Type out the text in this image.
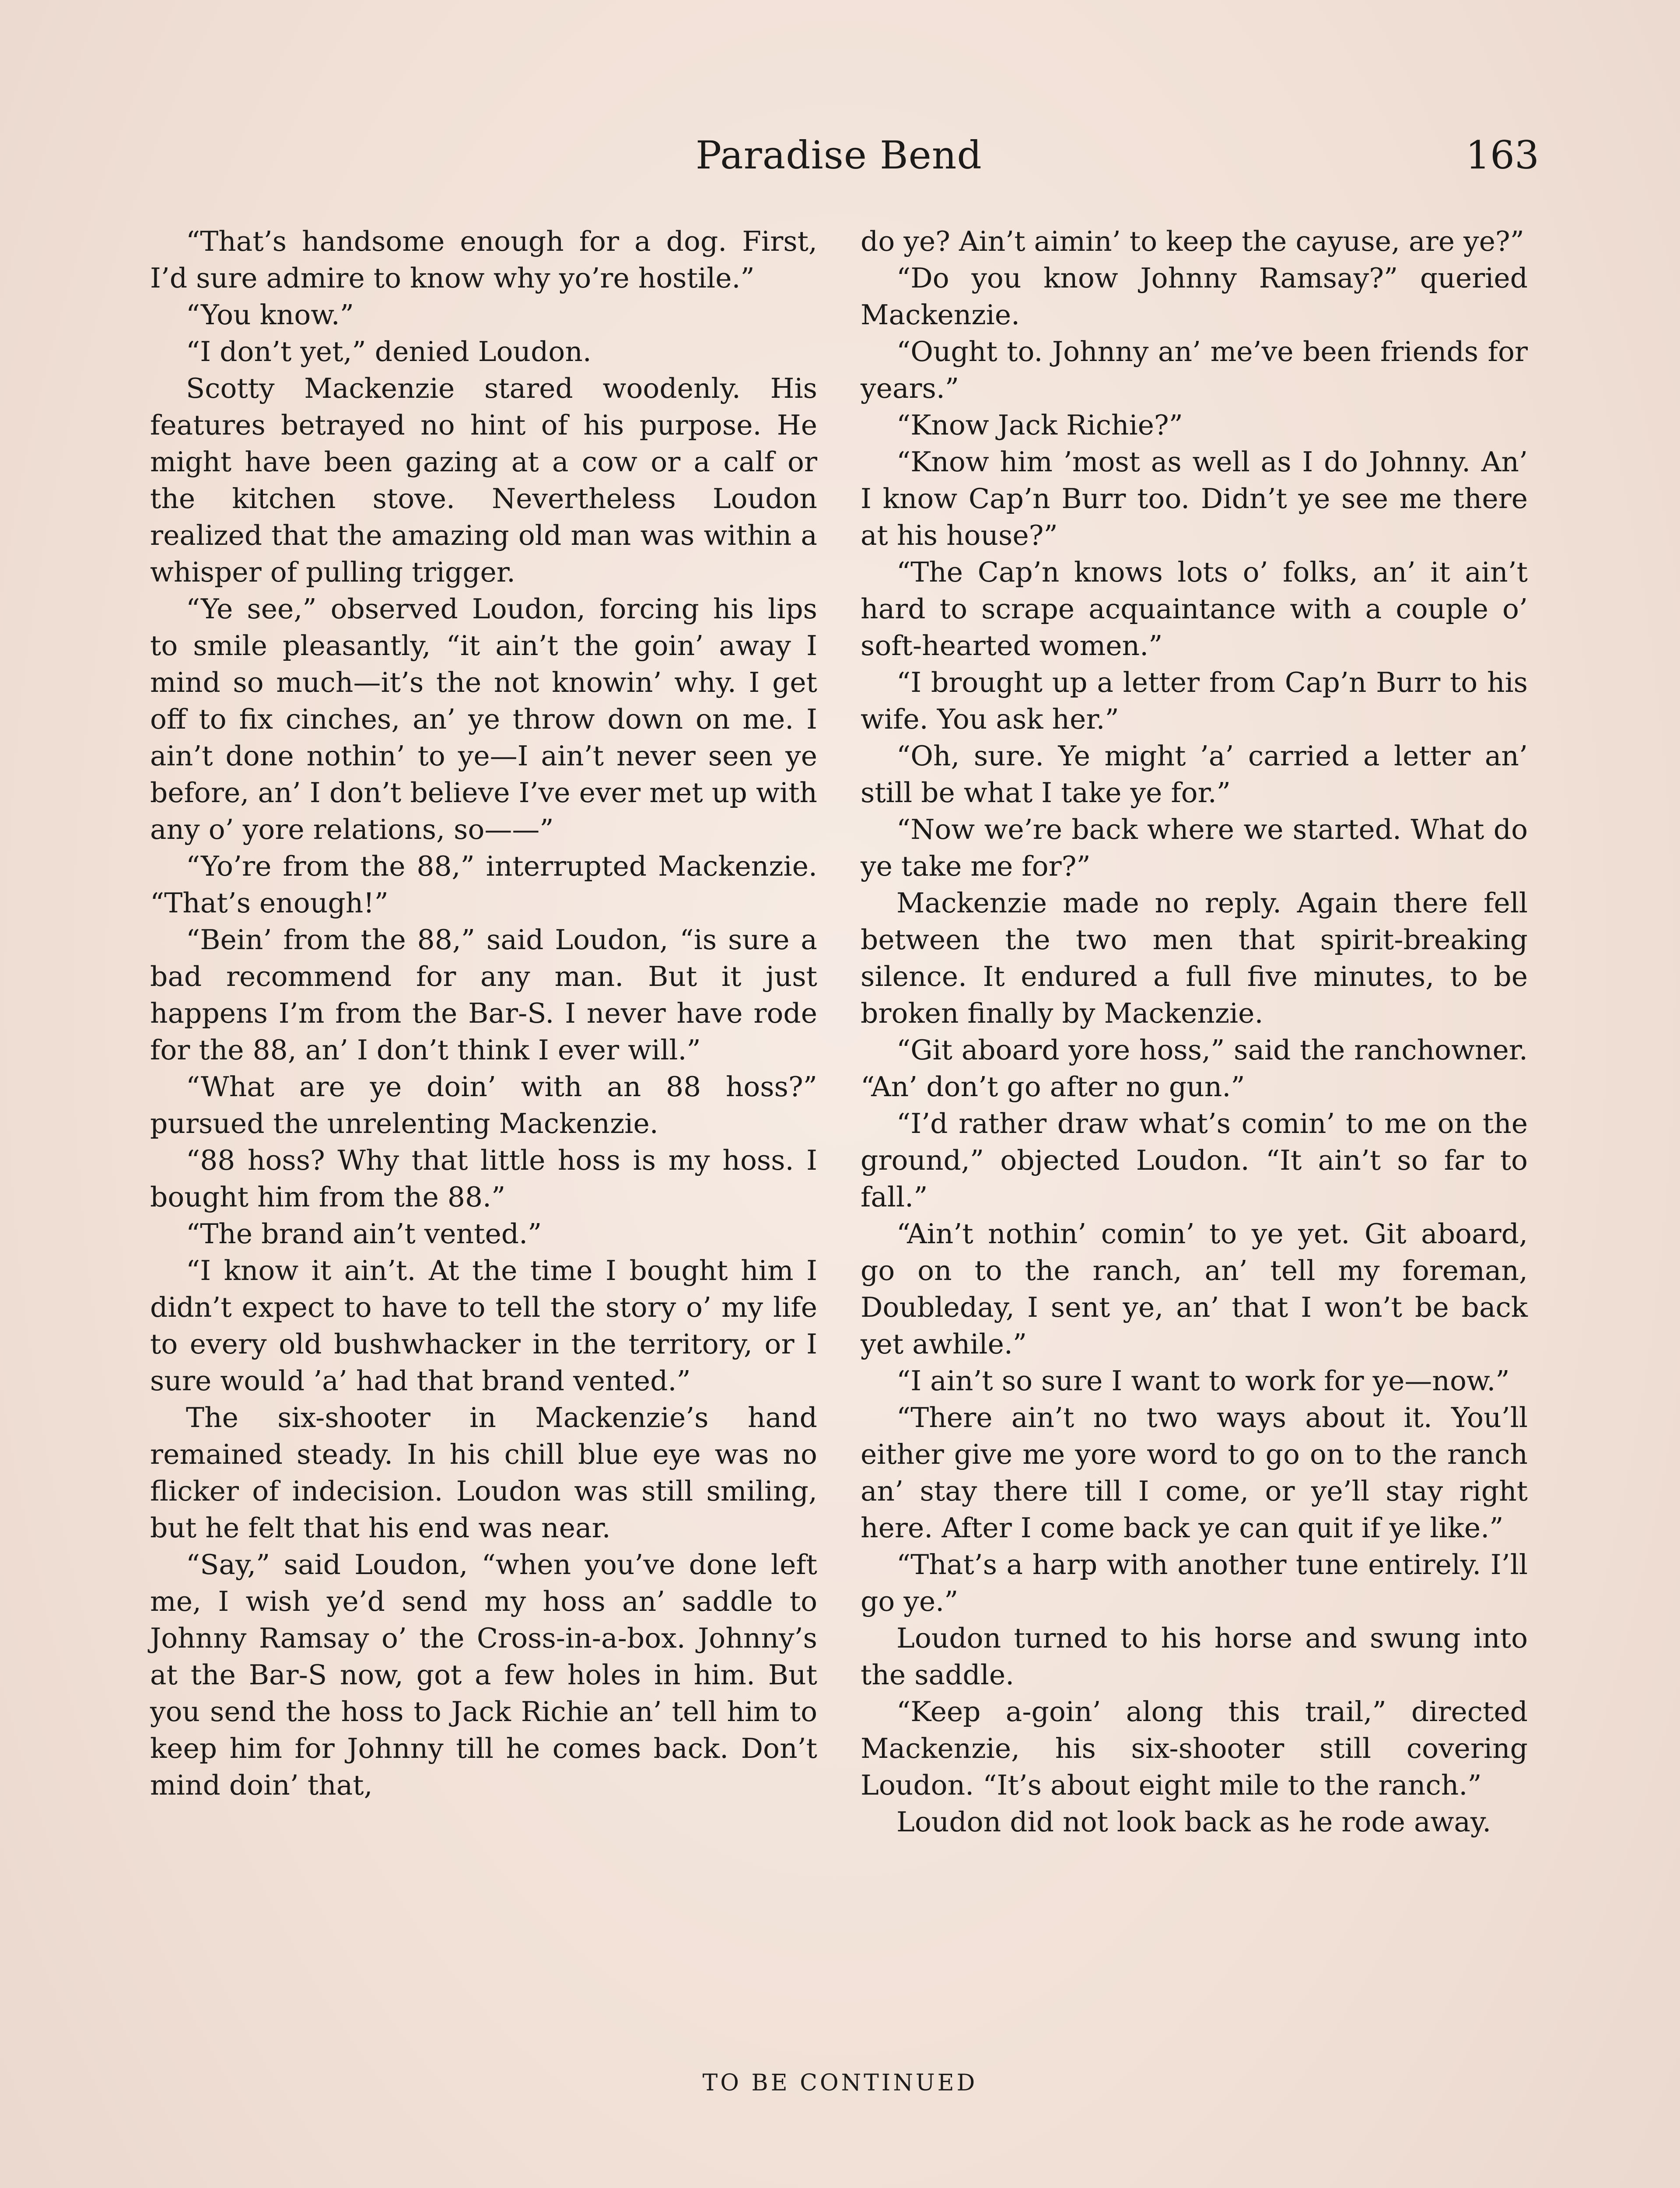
Paradise Bend	163

“That’s handsome enough for a dog. First, I’d sure admire to know why yo’re hostile.”

“You know.”

“I don’t yet,” denied Loudon.

Scotty Mackenzie stared woodenly. His features betrayed no hint of his purpose. He might have been gazing at a cow or a calf or the kitchen stove. Nevertheless Loudon realized that the amazing old man was within a whisper of pulling trigger.

“Ye see,” observed Loudon, forcing his lips to smile pleasantly, “it ain’t the goin’ away I mind so much—it’s the not knowin’ why. I get off to fix cinches, an’ ye throw down on me. I ain’t done nothin’ to ye—I ain’t never seen ye before, an’ I don’t believe I’ve ever met up with any o’ yore relations, so——”

“Yo’re from the 88,” interrupted Mackenzie. “That’s enough!”

“Bein’ from the 88,” said Loudon, “is sure a bad recommend for any man. But it just happens I’m from the Bar-S. I never have rode for the 88, an’ I don’t think I ever will.”

“What are ye doin’ with an 88 hoss?” pursued the unrelenting Mackenzie.

“88 hoss? Why that little hoss is my hoss. I bought him from the 88.”

“The brand ain’t vented.”

“I know it ain’t. At the time I bought him I didn’t expect to have to tell the story o’ my life to every old bushwhacker in the territory, or I sure would ’a’ had that brand vented.”

The six-shooter in Mackenzie’s hand remained steady. In his chill blue eye was no flicker of indecision. Loudon was still smiling, but he felt that his end was near.

“Say,” said Loudon, “when you’ve done left me, I wish ye’d send my hoss an’ saddle to Johnny Ramsay o’ the Cross-in-a-box. Johnny’s at the Bar-S now, got a few holes in him. But you send the hoss to Jack Richie an’ tell him to keep him for Johnny till he comes back. Don’t mind doin’ that,

do ye? Ain’t aimin’ to keep the cayuse, are ye?”

“Do you know Johnny Ramsay?” queried Mackenzie.

“Ought to. Johnny an’ me’ve been friends for years.”

“Know Jack Richie?”

“Know him ’most as well as I do Johnny. An’ I know Cap’n Burr too. Didn’t ye see me there at his house?”

“The Cap’n knows lots o’ folks, an’ it ain’t hard to scrape acquaintance with a couple o’ soft-hearted women.”

“I brought up a letter from Cap’n Burr to his wife. You ask her.”

“Oh, sure. Ye might ’a’ carried a letter an’ still be what I take ye for.”

“Now we’re back where we started. What do ye take me for?”

Mackenzie made no reply. Again there fell between the two men that spirit-breaking silence. It endured a full five minutes, to be broken finally by Mackenzie.

“Git aboard yore hoss,” said the ranchowner. “An’ don’t go after no gun.”

“I’d rather draw what’s comin’ to me on the ground,” objected Loudon. “It ain’t so far to fall.”

“Ain’t nothin’ comin’ to ye yet. Git aboard, go on to the ranch, an’ tell my foreman, Doubleday, I sent ye, an’ that I won’t be back yet awhile.”

“I ain’t so sure I want to work for ye—now.”

“There ain’t no two ways about it. You’ll either give me yore word to go on to the ranch an’ stay there till I come, or ye’ll stay right here. After I come back ye can quit if ye like.”

“That’s a harp with another tune entirely. I’ll go ye.”

Loudon turned to his horse and swung into the saddle.

“Keep a-goin’ along this trail,” directed Mackenzie, his six-shooter still covering Loudon. “It’s about eight mile to the ranch.”

Loudon did not look back as he rode away.

TO BE CONTINUED
